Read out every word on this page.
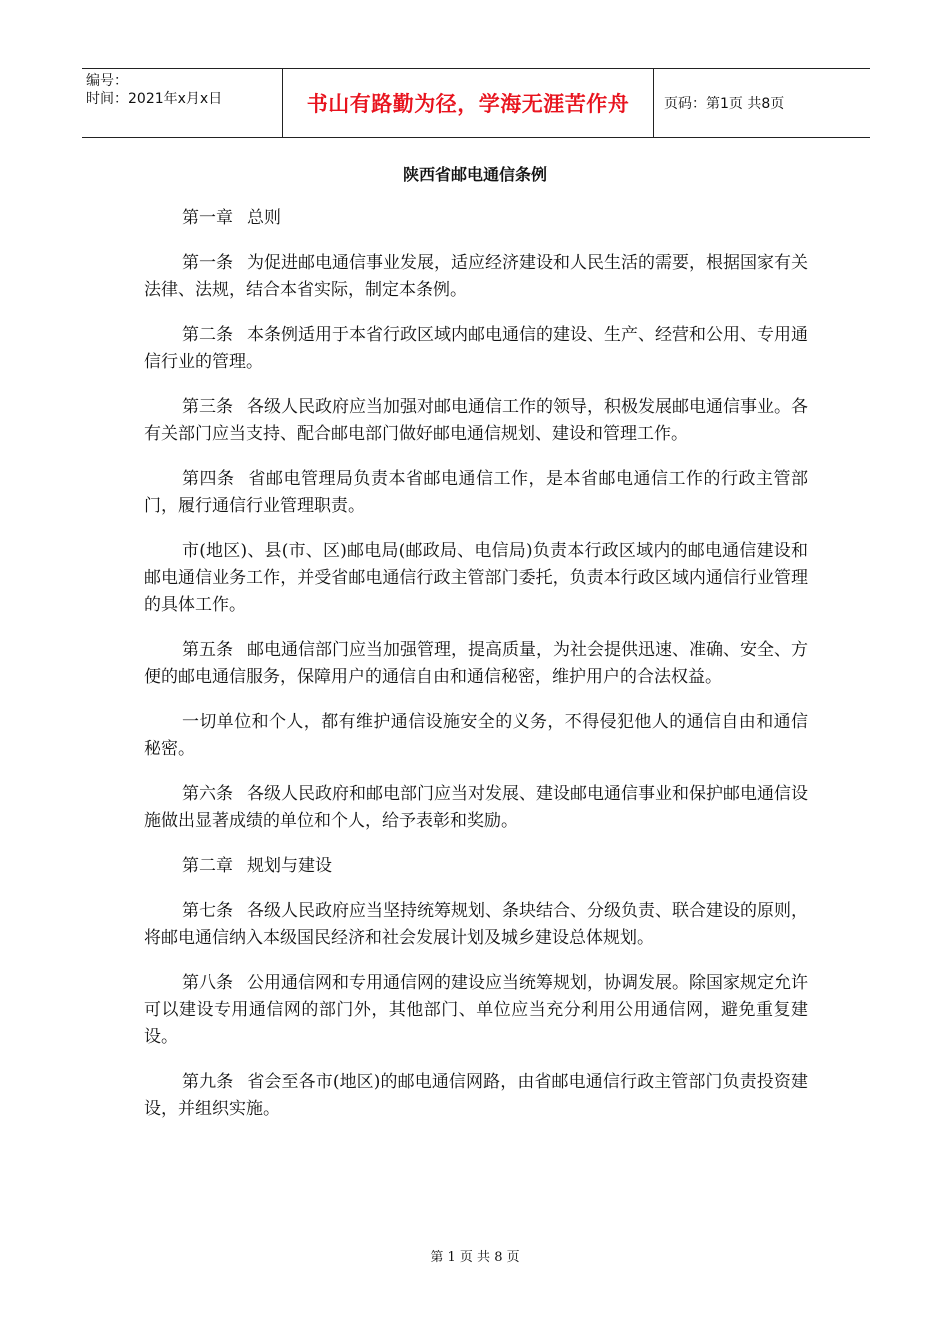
编号：
时间：2021年x月x日	书山有路勤为径，学海无涯苦作舟	页码：第1页 共8页
陕西省邮电通信条例

第一章 总则

第一条 为促进邮电通信事业发展，适应经济建设和人民生活的需要，根据国家有关法律、法规，结合本省实际，制定本条例。

第二条 本条例适用于本省行政区域内邮电通信的建设、生产、经营和公用、专用通信行业的管理。

第三条 各级人民政府应当加强对邮电通信工作的领导，积极发展邮电通信事业。各有关部门应当支持、配合邮电部门做好邮电通信规划、建设和管理工作。

第四条 省邮电管理局负责本省邮电通信工作，是本省邮电通信工作的行政主管部门，履行通信行业管理职责。

市(地区)、县(市、区)邮电局(邮政局、电信局)负责本行政区域内的邮电通信建设和邮电通信业务工作，并受省邮电通信行政主管部门委托，负责本行政区域内通信行业管理的具体工作。

第五条 邮电通信部门应当加强管理，提高质量，为社会提供迅速、准确、安全、方便的邮电通信服务，保障用户的通信自由和通信秘密，维护用户的合法权益。

一切单位和个人，都有维护通信设施安全的义务，不得侵犯他人的通信自由和通信秘密。

第六条 各级人民政府和邮电部门应当对发展、建设邮电通信事业和保护邮电通信设施做出显著成绩的单位和个人，给予表彰和奖励。

第二章 规划与建设

第七条 各级人民政府应当坚持统筹规划、条块结合、分级负责、联合建设的原则，将邮电通信纳入本级国民经济和社会发展计划及城乡建设总体规划。

第八条 公用通信网和专用通信网的建设应当统筹规划，协调发展。除国家规定允许可以建设专用通信网的部门外，其他部门、单位应当充分利用公用通信网，避免重复建设。

第九条 省会至各市(地区)的邮电通信网路，由省邮电通信行政主管部门负责投资建设，并组织实施。

第 1 页 共 8 页
